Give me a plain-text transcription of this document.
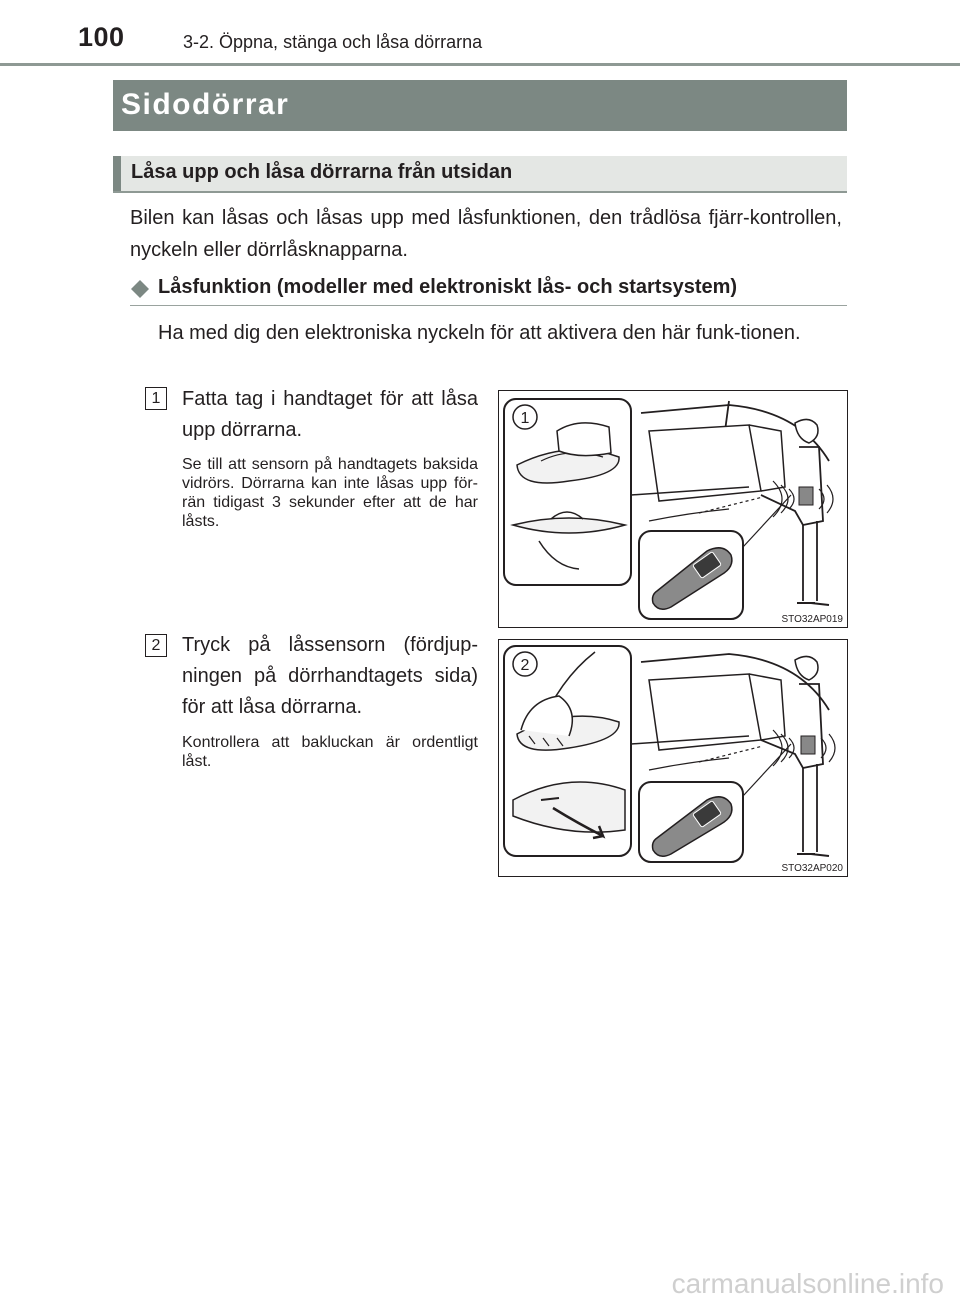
100	3-2. Öppna, stänga och låsa dörrarna
Sidodörrar
Låsa upp och låsa dörrarna från utsidan
Bilen kan låsas och låsas upp med låsfunktionen, den trådlösa fjärr-kontrollen, nyckeln eller dörrlåsknapparna.
Låsfunktion (modeller med elektroniskt lås- och startsystem)
Ha med dig den elektroniska nyckeln för att aktivera den här funk-tionen.
1	Fatta tag i handtaget för att låsa upp dörrarna.
Se till att sensorn på handtagets baksida vidrörs. Dörrarna kan inte låsas upp för-rän tidigast 3 sekunder efter att de har låsts.
1
STO32AP019
2	Tryck på låssensorn (fördjup-ningen på dörrhandtagets sida) för att låsa dörrarna.
Kontrollera att bakluckan är ordentligt låst.
2
STO32AP020
carmanualsonline.info
